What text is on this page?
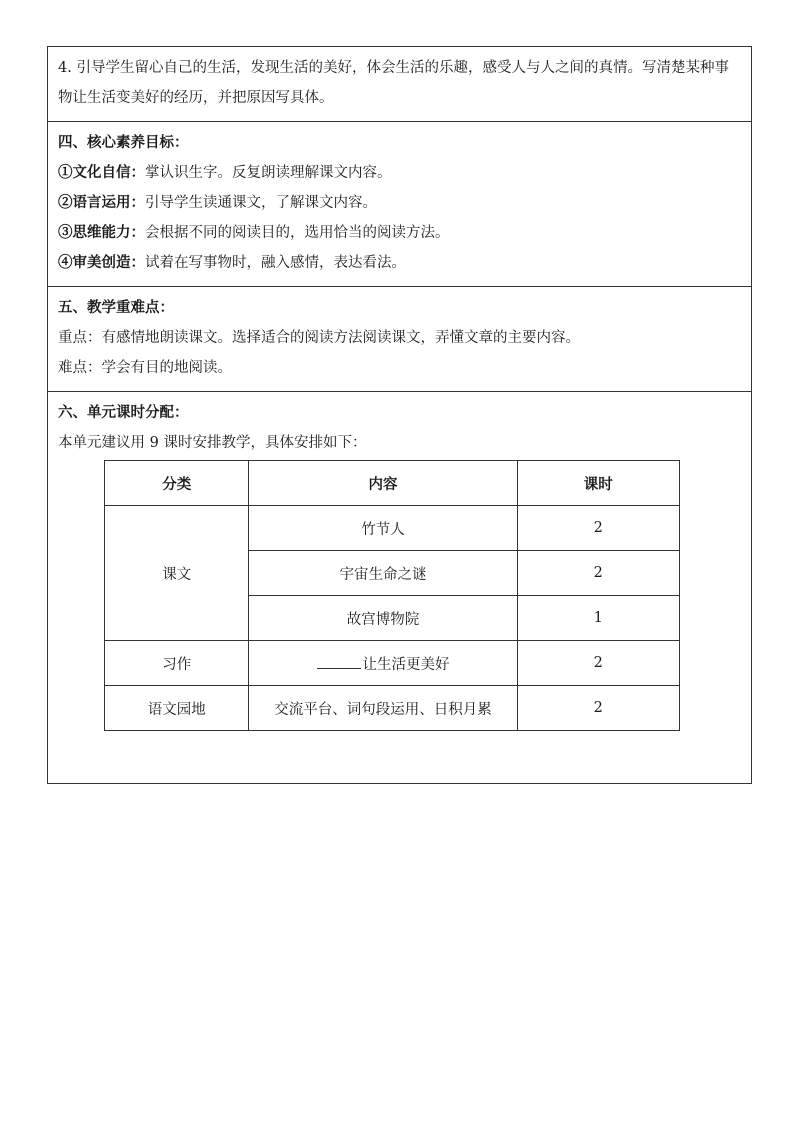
4. 引导学生留心自己的生活，发现生活的美好，体会生活的乐趣，感受人与人之间的真情。写清楚某种事物让生活变美好的经历，并把原因写具体。
四、核心素养目标：
①文化自信：掌认识生字。反复朗读理解课文内容。
②语言运用：引导学生读通课文，了解课文内容。
③思维能力：会根据不同的阅读目的，选用恰当的阅读方法。
④审美创造：试着在写事物时，融入感情，表达看法。
五、教学重难点：
重点：有感情地朗读课文。选择适合的阅读方法阅读课文，弄懂文章的主要内容。
难点：学会有目的地阅读。
六、单元课时分配：
本单元建议用 9 课时安排教学，具体安排如下：
分类	内容	课时
课文	竹节人	2
	宇宙生命之谜	2
	故宫博物院	1
习作	让生活更美好	2
语文园地	交流平台、词句段运用、日积月累	2
